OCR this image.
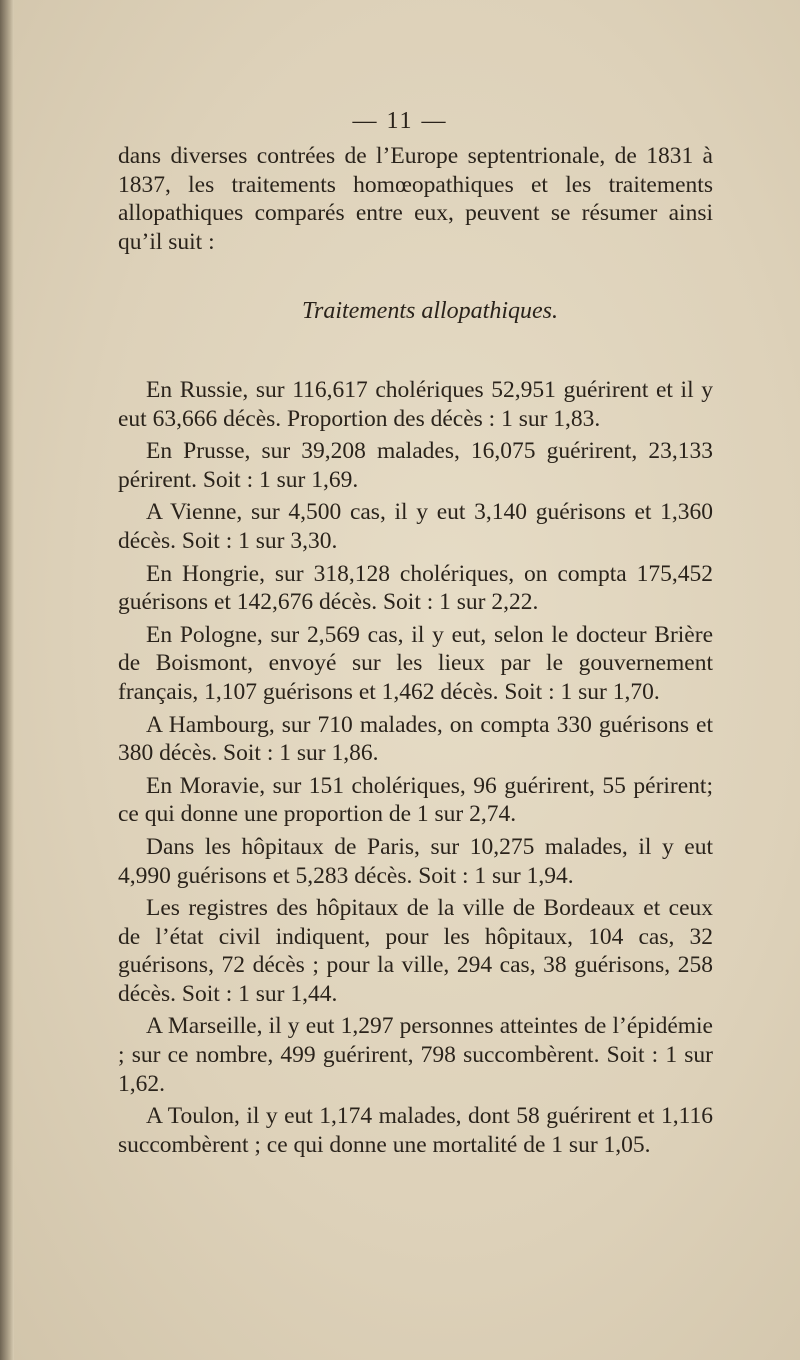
— 11 —

dans diverses contrées de l’Europe septentrionale, de 1831 à 1837, les traitements homœopathiques et les traitements allopathiques comparés entre eux, peuvent se résumer ainsi qu’il suit :

Traitements allopathiques.

En Russie, sur 116,617 cholériques 52,951 guérirent et il y eut 63,666 décès. Proportion des décès : 1 sur 1,83.

En Prusse, sur 39,208 malades, 16,075 guérirent, 23,133 périrent. Soit : 1 sur 1,69.

A Vienne, sur 4,500 cas, il y eut 3,140 guérisons et 1,360 décès. Soit : 1 sur 3,30.

En Hongrie, sur 318,128 cholériques, on compta 175,452 guérisons et 142,676 décès. Soit : 1 sur 2,22.

En Pologne, sur 2,569 cas, il y eut, selon le docteur Brière de Boismont, envoyé sur les lieux par le gouvernement français, 1,107 guérisons et 1,462 décès. Soit : 1 sur 1,70.

A Hambourg, sur 710 malades, on compta 330 guérisons et 380 décès. Soit : 1 sur 1,86.

En Moravie, sur 151 cholériques, 96 guérirent, 55 périrent; ce qui donne une proportion de 1 sur 2,74.

Dans les hôpitaux de Paris, sur 10,275 malades, il y eut 4,990 guérisons et 5,283 décès. Soit : 1 sur 1,94.

Les registres des hôpitaux de la ville de Bordeaux et ceux de l’état civil indiquent, pour les hôpitaux, 104 cas, 32 guérisons, 72 décès ; pour la ville, 294 cas, 38 guérisons, 258 décès. Soit : 1 sur 1,44.

A Marseille, il y eut 1,297 personnes atteintes de l’épidémie ; sur ce nombre, 499 guérirent, 798 succombèrent. Soit : 1 sur 1,62.

A Toulon, il y eut 1,174 malades, dont 58 guérirent et 1,116 succombèrent ; ce qui donne une mortalité de 1 sur 1,05.
